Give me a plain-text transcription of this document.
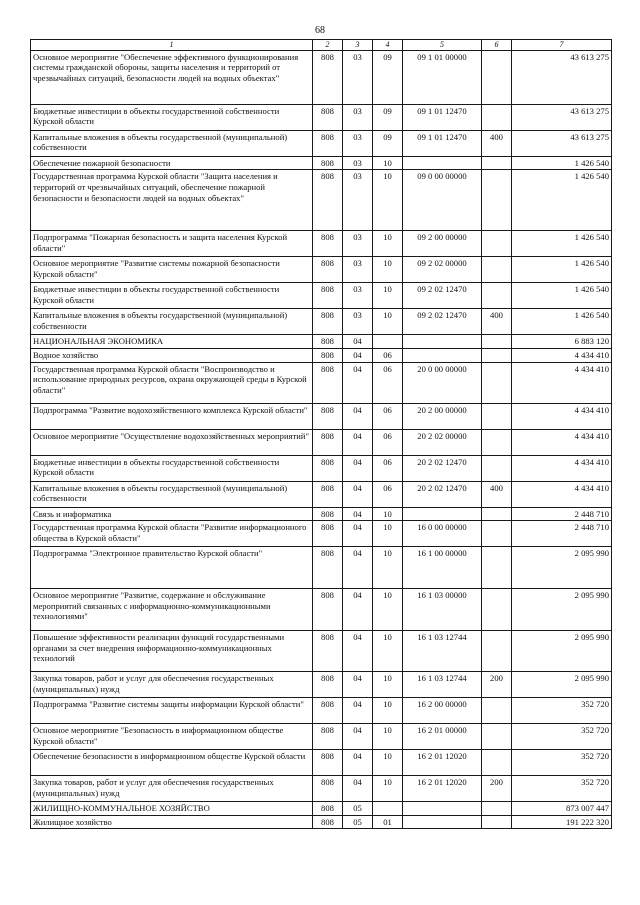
68
1	2	3	4	5	6	7
Основное мероприятие "Обеспечение эффективного функционирования системы гражданской обороны, защиты населения и территорий от чрезвычайных ситуаций, безопасности людей на водных объектах"	808	03	09	09 1 01 00000		43 613 275
Бюджетные инвестиции в объекты государственной собственности Курской области	808	03	09	09 1 01 12470		43 613 275
Капитальные вложения в объекты государственной (муниципальной) собственности	808	03	09	09 1 01 12470	400	43 613 275
Обеспечение пожарной безопасности	808	03	10			1 426 540
Государственная программа Курской области "Защита населения и территорий от чрезвычайных ситуаций, обеспечение пожарной безопасности и безопасности людей на водных объектах"	808	03	10	09 0 00 00000		1 426 540
Подпрограмма "Пожарная безопасность и защита населения Курской области"	808	03	10	09 2 00 00000		1 426 540
Основное мероприятие "Развитие системы пожарной безопасности Курской области"	808	03	10	09 2 02 00000		1 426 540
Бюджетные инвестиции в объекты государственной собственности Курской области	808	03	10	09 2 02 12470		1 426 540
Капитальные вложения в объекты государственной (муниципальной) собственности	808	03	10	09 2 02 12470	400	1 426 540
НАЦИОНАЛЬНАЯ ЭКОНОМИКА	808	04				6 883 120
Водное хозяйство	808	04	06			4 434 410
Государственная программа Курской области "Воспроизводство и использование природных ресурсов, охрана окружающей среды в Курской области"	808	04	06	20 0 00 00000		4 434 410
Подпрограмма "Развитие водохозяйственного комплекса Курской области"	808	04	06	20 2 00 00000		4 434 410
Основное мероприятие "Осуществление водохозяйственных мероприятий"	808	04	06	20 2 02 00000		4 434 410
Бюджетные инвестиции в объекты государственной собственности Курской области	808	04	06	20 2 02 12470		4 434 410
Капитальные вложения в объекты государственной (муниципальной) собственности	808	04	06	20 2 02 12470	400	4 434 410
Связь и информатика	808	04	10			2 448 710
Государственная программа Курской области "Развитие информационного общества в Курской области"	808	04	10	16 0 00 00000		2 448 710
Подпрограмма "Электронное правительство Курской области"	808	04	10	16 1 00 00000		2 095 990
Основное мероприятие "Развитие, содержание и обслуживание мероприятий связанных с информационно-коммуникационными технологиями"	808	04	10	16 1 03 00000		2 095 990
Повышение эффективности реализации функций государственными органами за счет внедрения информационно-коммуникационных технологий	808	04	10	16 1 03 12744		2 095 990
Закупка товаров, работ и услуг для обеспечения государственных (муниципальных) нужд	808	04	10	16 1 03 12744	200	2 095 990
Подпрограмма "Развитие системы защиты информации Курской области"	808	04	10	16 2 00 00000		352 720
Основное мероприятие "Безопасность в информационном обществе Курской области"	808	04	10	16 2 01 00000		352 720
Обеспечение безопасности в информационном обществе Курской области	808	04	10	16 2 01 12020		352 720
Закупка товаров, работ и услуг для обеспечения государственных (муниципальных) нужд	808	04	10	16 2 01 12020	200	352 720
ЖИЛИЩНО-КОММУНАЛЬНОЕ ХОЗЯЙСТВО	808	05				873 007 447
Жилищное хозяйство	808	05	01			191 222 320
